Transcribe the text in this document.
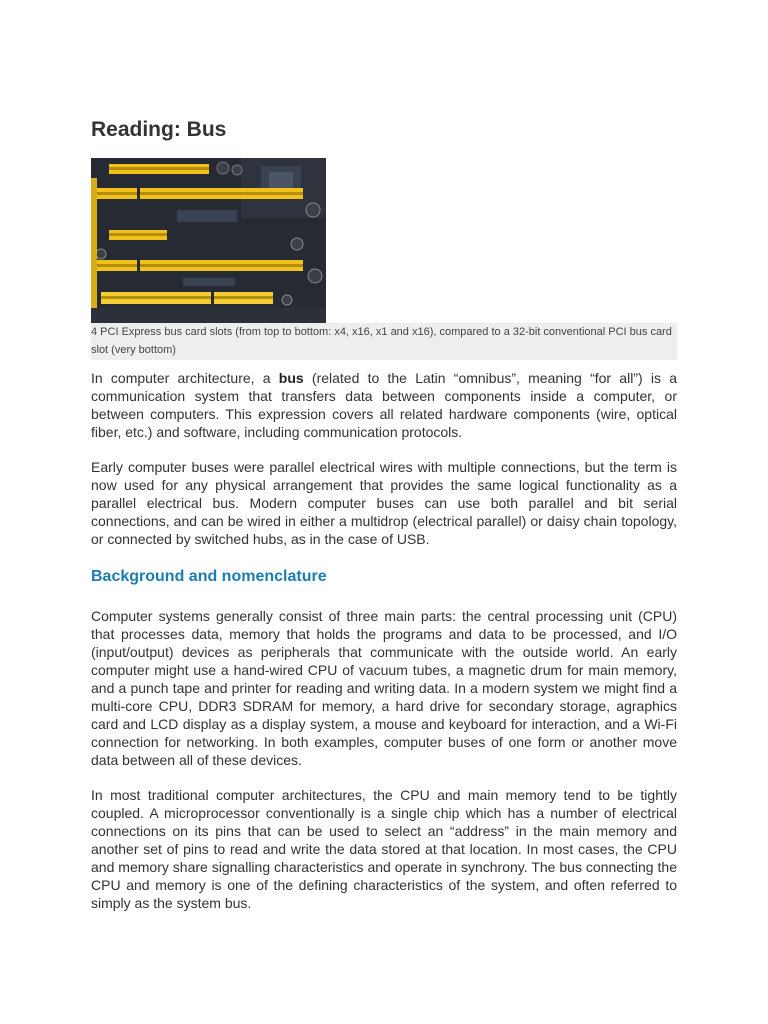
Reading: Bus
4 PCI Express bus card slots (from top to bottom: x4, x16, x1 and x16), compared to a 32-bit conventional PCI bus card slot (very bottom)

In computer architecture, a bus (related to the Latin “omnibus”, meaning “for all”) is a communication system that transfers data between components inside a computer, or between computers. This expression covers all related hardware components (wire, optical fiber, etc.) and software, including communication protocols.

Early computer buses were parallel electrical wires with multiple connections, but the term is now used for any physical arrangement that provides the same logical functionality as a parallel electrical bus. Modern computer buses can use both parallel and bit serial connections, and can be wired in either a multidrop (electrical parallel) or daisy chain topology, or connected by switched hubs, as in the case of USB.

Background and nomenclature

Computer systems generally consist of three main parts: the central processing unit (CPU) that processes data, memory that holds the programs and data to be processed, and I/O (input/output) devices as peripherals that communicate with the outside world. An early computer might use a hand-wired CPU of vacuum tubes, a magnetic drum for main memory, and a punch tape and printer for reading and writing data. In a modern system we might find a multi-core CPU, DDR3 SDRAM for memory, a hard drive for secondary storage, agraphics card and LCD display as a display system, a mouse and keyboard for interaction, and a Wi-Fi connection for networking. In both examples, computer buses of one form or another move data between all of these devices.

In most traditional computer architectures, the CPU and main memory tend to be tightly coupled. A microprocessor conventionally is a single chip which has a number of electrical connections on its pins that can be used to select an “address” in the main memory and another set of pins to read and write the data stored at that location. In most cases, the CPU and memory share signalling characteristics and operate in synchrony. The bus connecting the CPU and memory is one of the defining characteristics of the system, and often referred to simply as the system bus.
